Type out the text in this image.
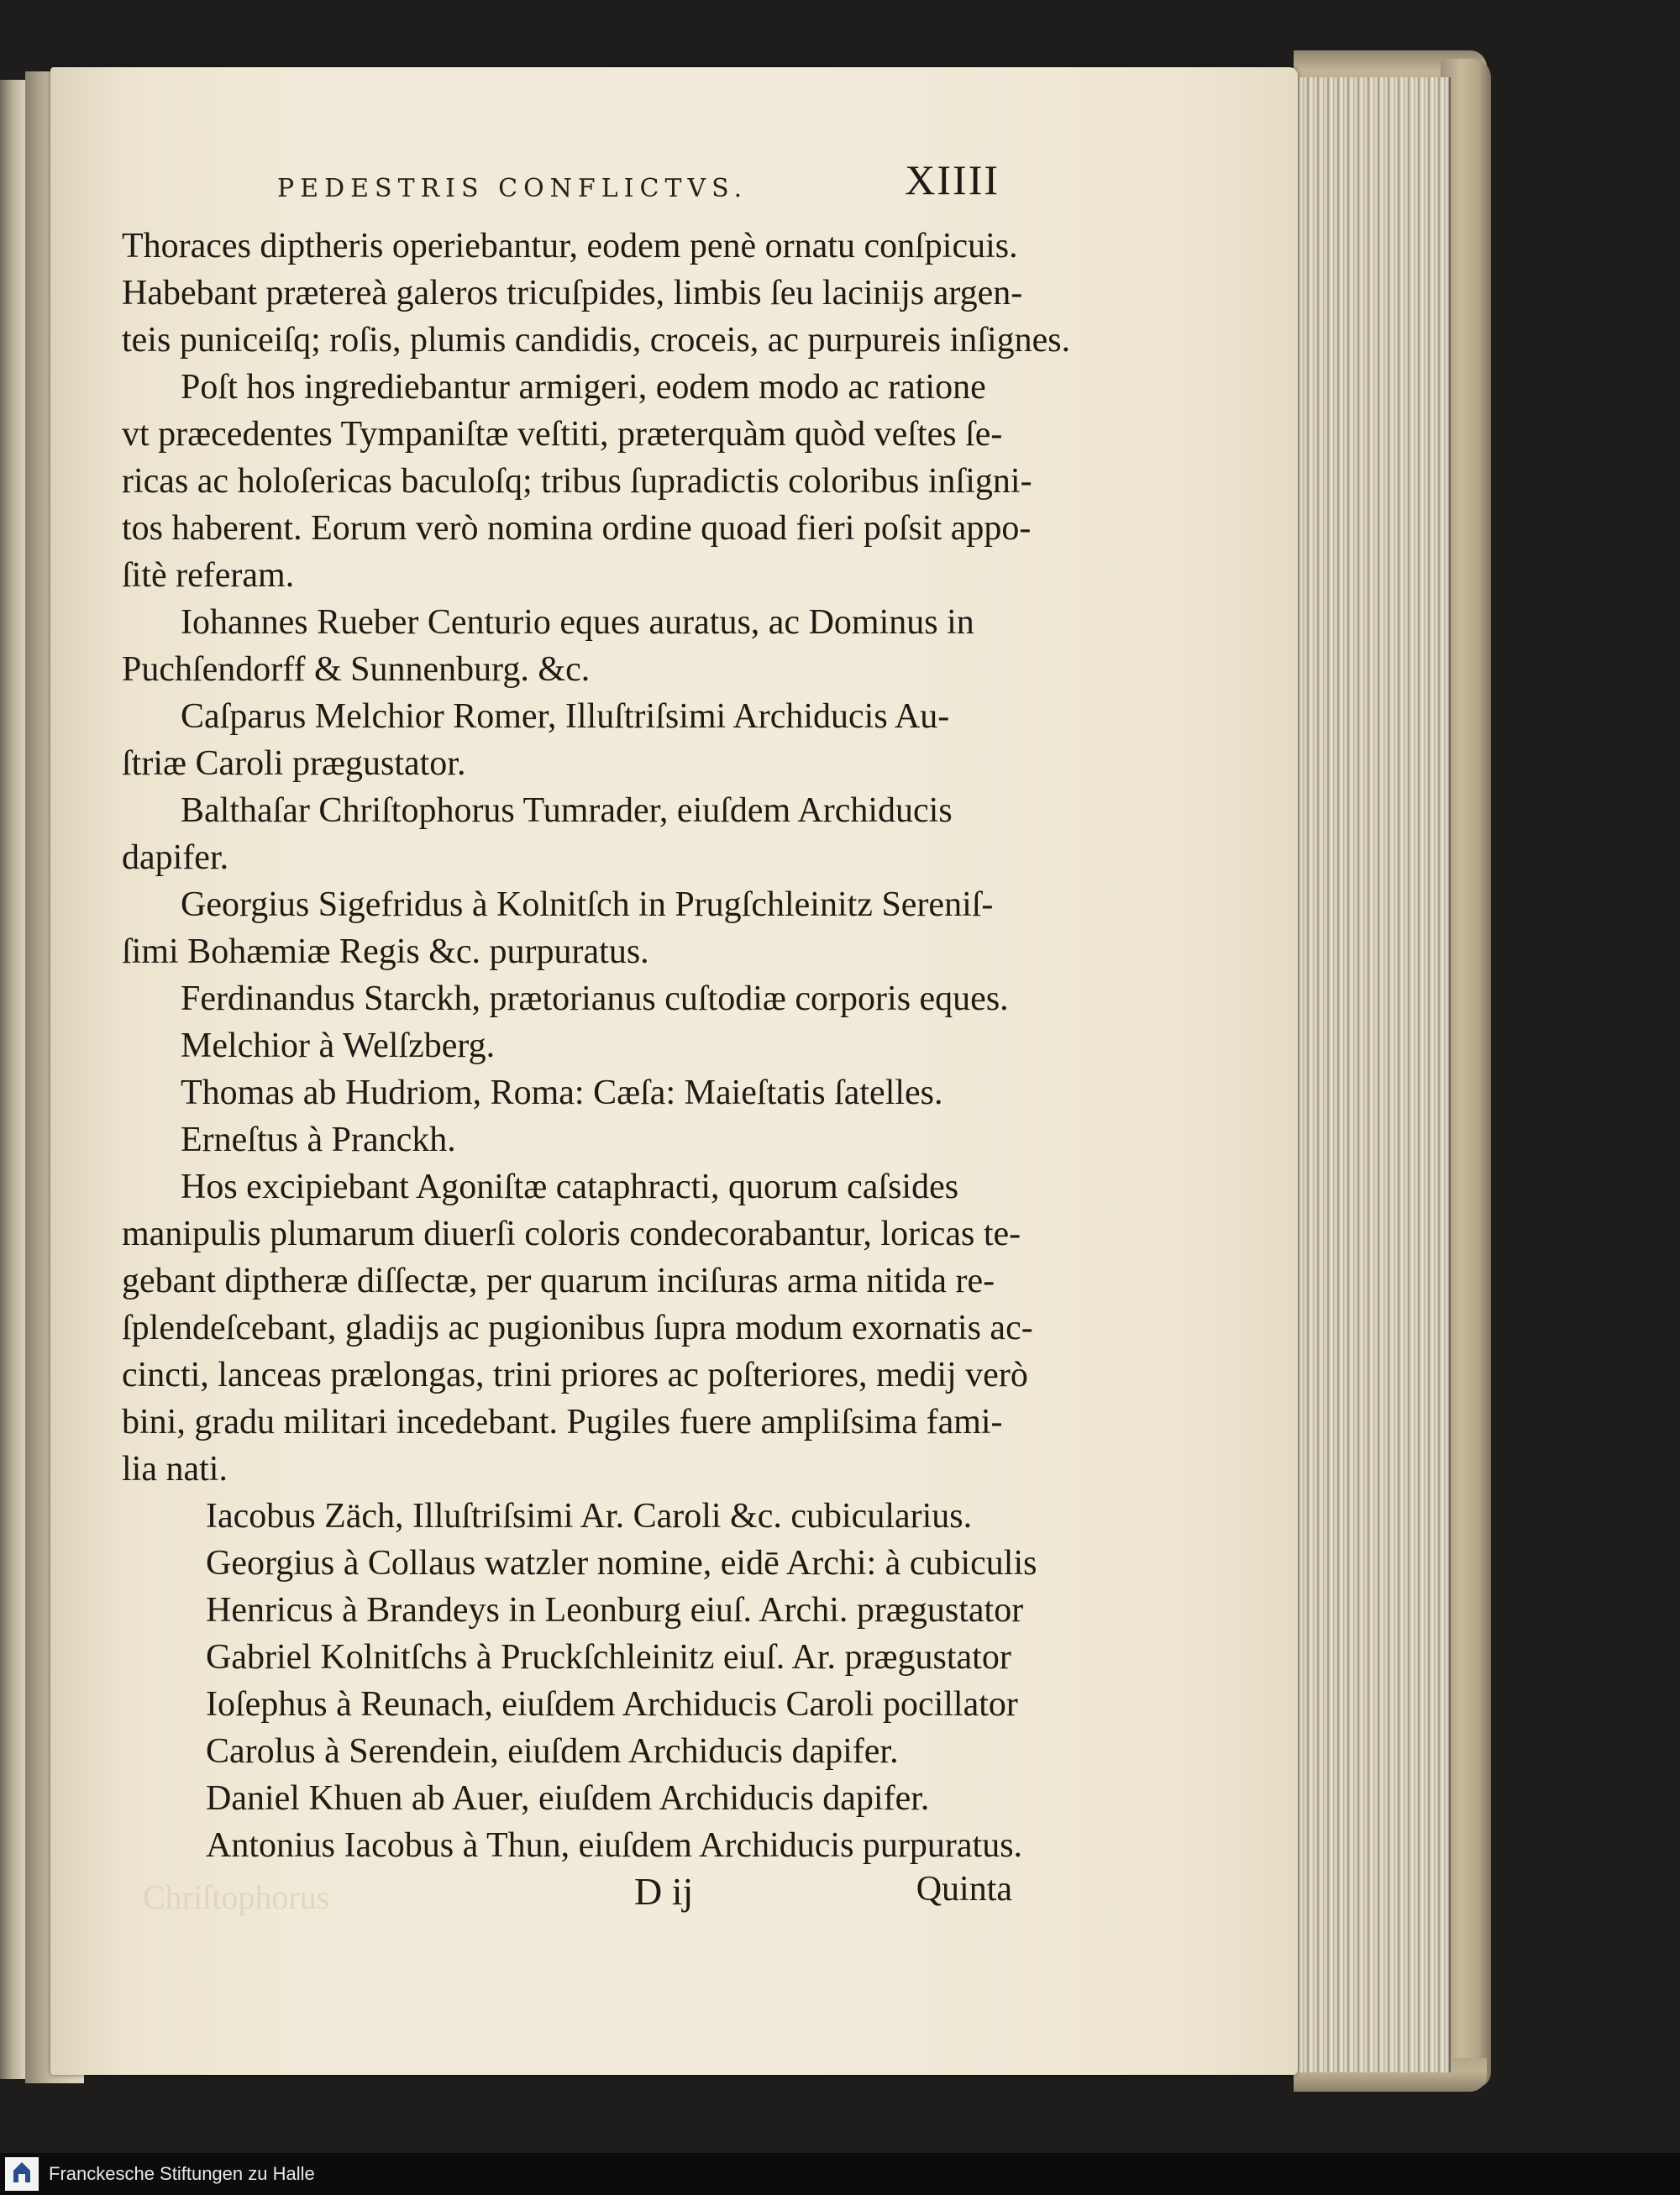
PEDESTRIS CONFLICTVS.	XIIII
Thoraces diptheris operiebantur, eodem penè ornatu conſpicuis.
Habebant prætereà galeros tricuſpides, limbis ſeu lacinijs argen-
teis puniceiſq; roſis, plumis candidis, croceis, ac purpureis inſignes.
Poſt hos ingrediebantur armigeri, eodem modo ac ratione
vt præcedentes Tympaniſtæ veſtiti, præterquàm quòd veſtes ſe-
ricas ac holoſericas baculoſq; tribus ſupradictis coloribus inſigni-
tos haberent. Eorum verò nomina ordine quoad fieri poſsit appo-
ſitè referam.
Iohannes Rueber Centurio eques auratus, ac Dominus in
Puchſendorff & Sunnenburg. &c.
Caſparus Melchior Romer, Illuſtriſsimi Archiducis Au-
ſtriæ Caroli prægustator.
Balthaſar Chriſtophorus Tumrader, eiuſdem Archiducis
dapifer.
Georgius Sigefridus à Kolnitſch in Prugſchleinitz Sereniſ-
ſimi Bohæmiæ Regis &c. purpuratus.
Ferdinandus Starckh, prætorianus cuſtodiæ corporis eques.
Melchior à Welſzberg.
Thomas ab Hudriom, Roma: Cæſa: Maieſtatis ſatelles.
Erneſtus à Pranckh.
Hos excipiebant Agoniſtæ cataphracti, quorum caſsides
manipulis plumarum diuerſi coloris condecorabantur, loricas te-
gebant diptheræ diſſectæ, per quarum inciſuras arma nitida re-
ſplendeſcebant, gladijs ac pugionibus ſupra modum exornatis ac-
cincti, lanceas prælongas, trini priores ac poſteriores, medij verò
bini, gradu militari incedebant. Pugiles fuere ampliſsima fami-
lia nati.
Iacobus Zäch, Illuſtriſsimi Ar. Caroli &c. cubicularius.
Georgius à Collaus watzler nomine, eidē Archi: à cubiculis
Henricus à Brandeys in Leonburg eiuſ. Archi. prægustator
Gabriel Kolnitſchs à Pruckſchleinitz eiuſ. Ar. prægustator
Ioſephus à Reunach, eiuſdem Archiducis Caroli pocillator
Carolus à Serendein, eiuſdem Archiducis dapifer.
Daniel Khuen ab Auer, eiuſdem Archiducis dapifer.
Antonius Iacobus à Thun, eiuſdem Archiducis purpuratus.
D ij	Quinta
Chriſtophorus
Franckesche Stiftungen zu Halle
